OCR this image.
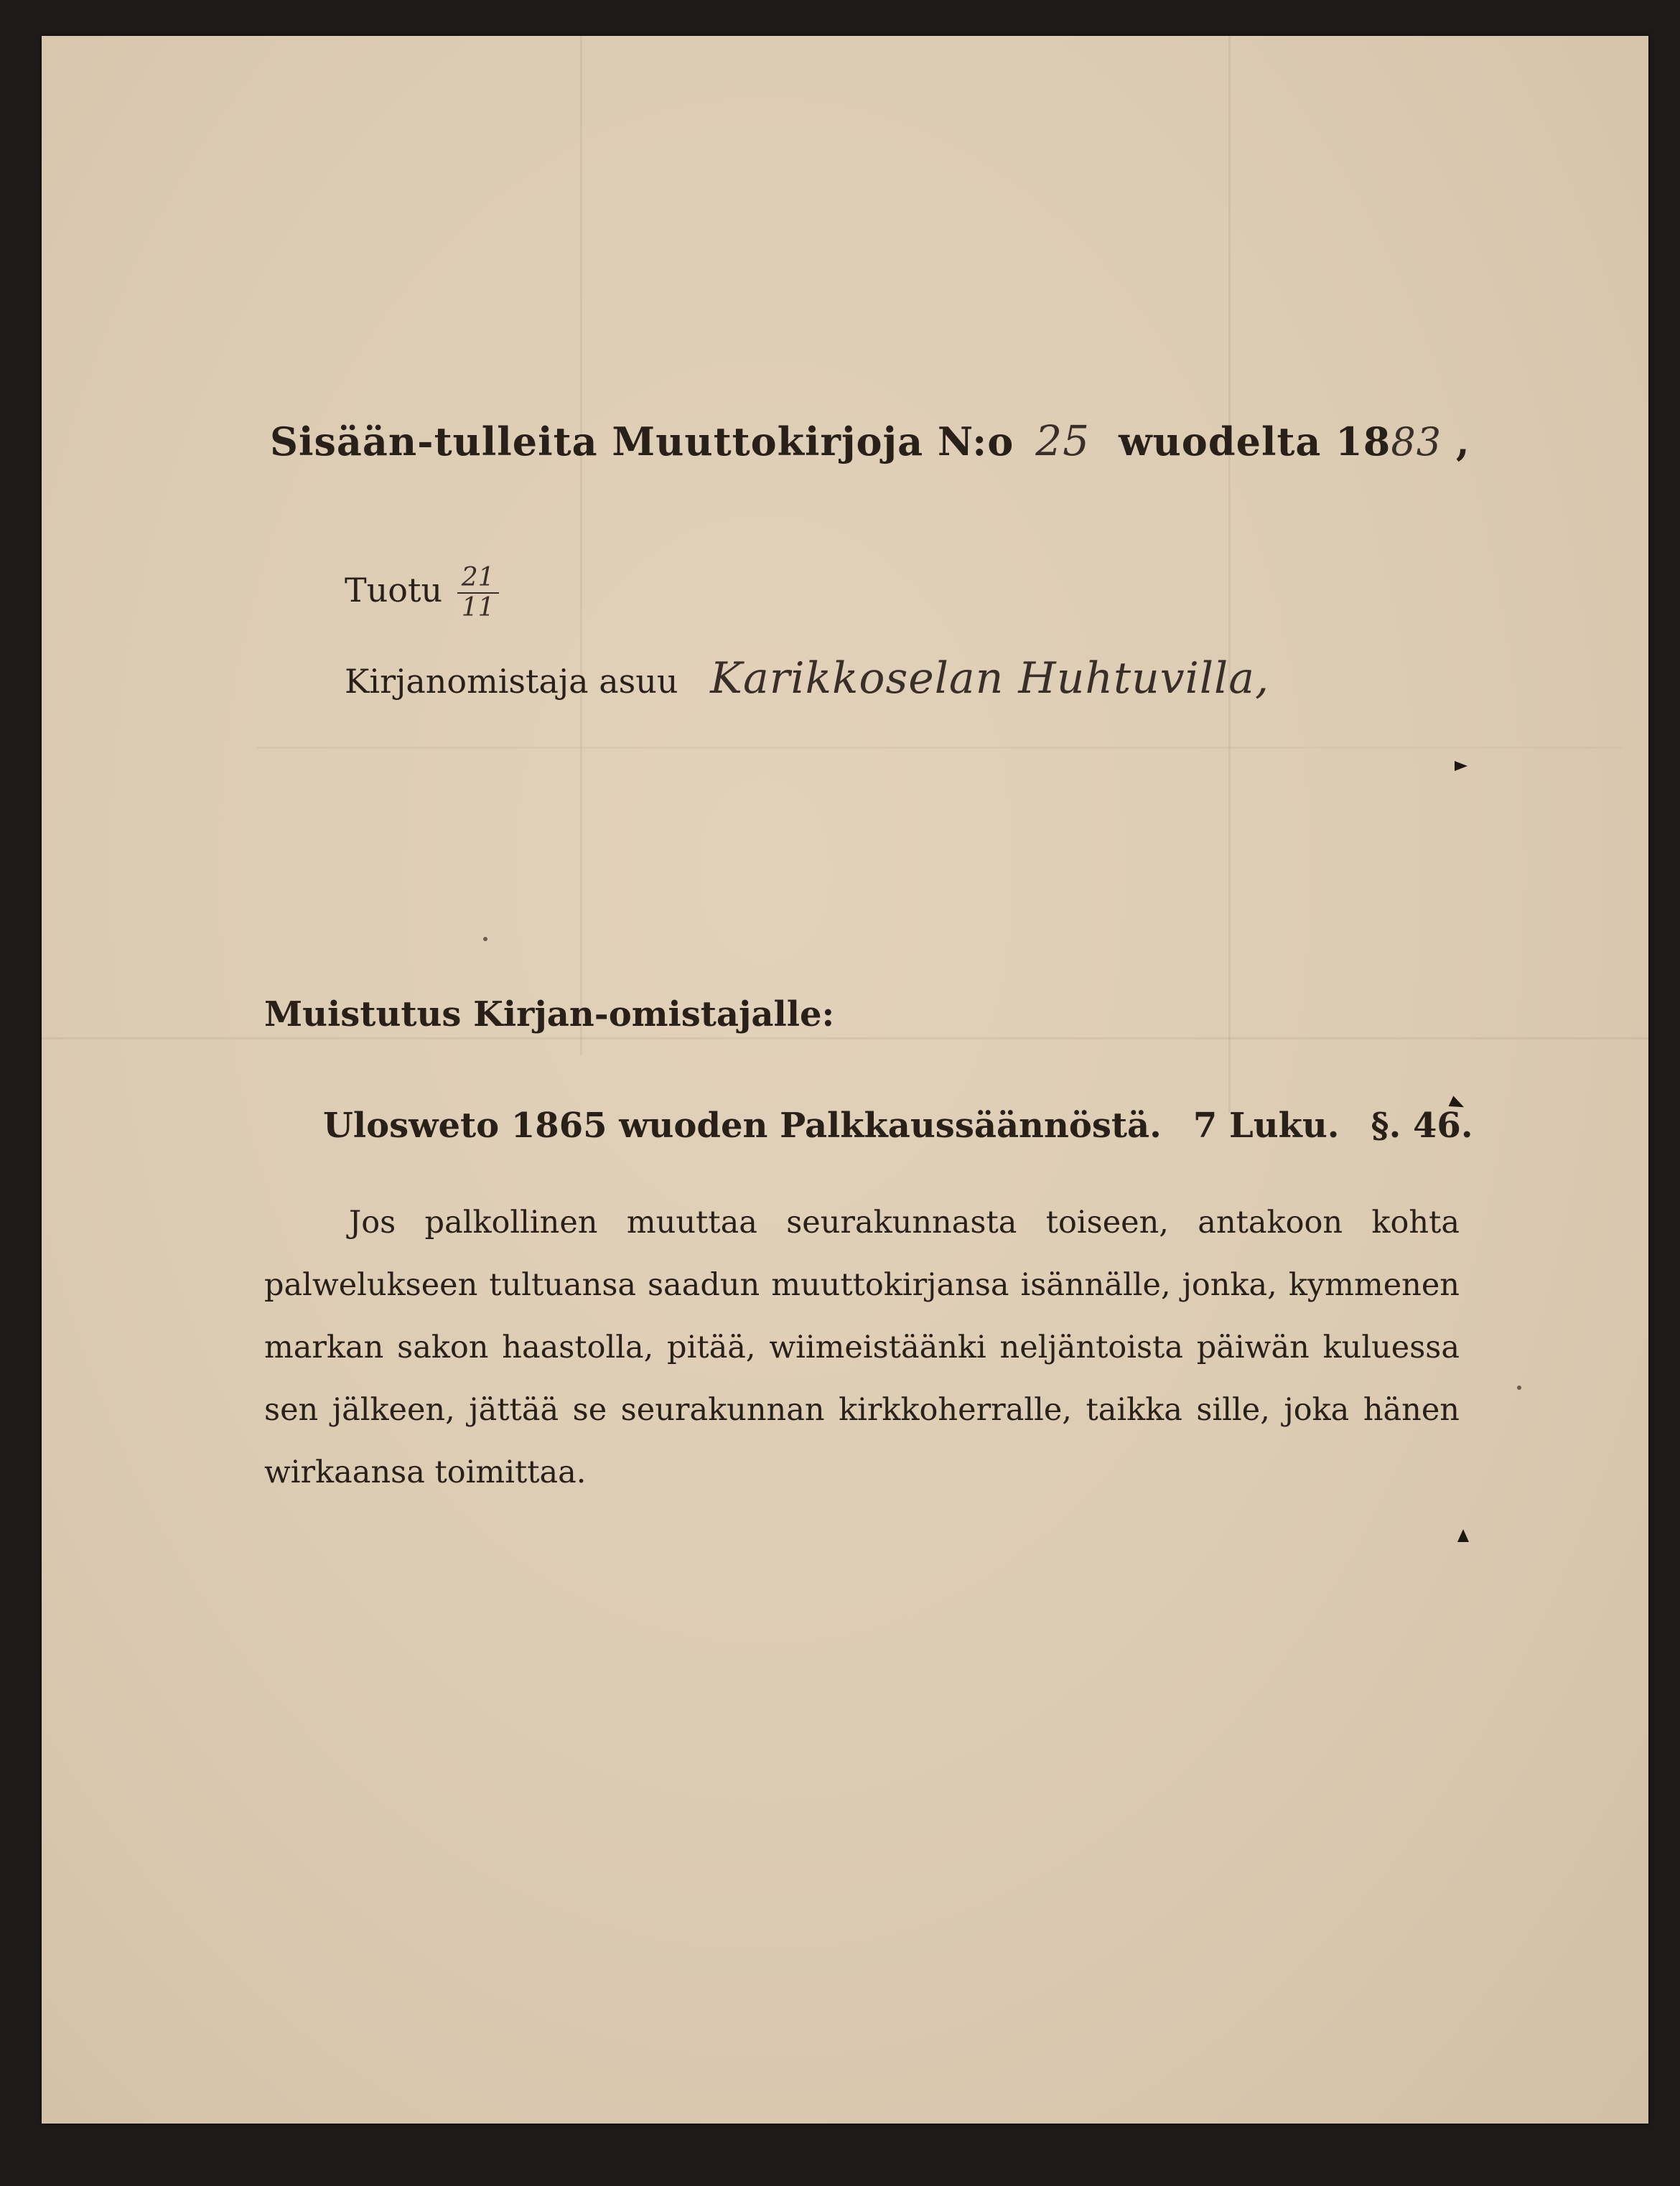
Sisään-tulleita Muuttokirjoja N:o 25 wuodelta 1883 ,
Tuotu $\frac{21}{11}$
Kirjanomistaja asuu Karikkoselan Huhtuvilla,
Muistutus Kirjan-omistajalle:
Ulosweto 1865 wuoden Palkkaussäännöstä. 7 Luku. §. 46.
Jos palkollinen muuttaa seurakunnasta toiseen, antakoon kohta palwelukseen tultuansa saadun muuttokirjansa isännälle, jonka, kymmenen markan sakon haastolla, pitää, wiimeistäänki neljäntoista päiwän kuluessa sen jälkeen, jättää se seurakunnan kirkkoherralle, taikka sille, joka hänen wirkaansa toimittaa.
